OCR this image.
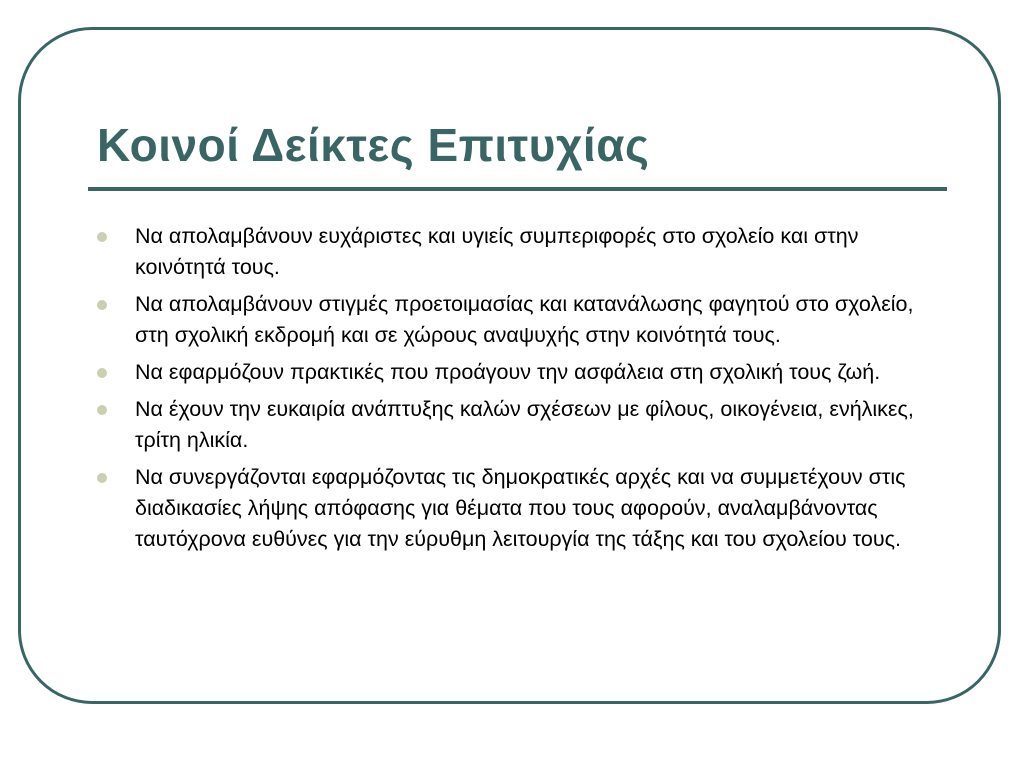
Κοινοί Δείκτες Επιτυχίας
Να απολαμβάνουν ευχάριστες και υγιείς συμπεριφορές στο σχολείο και στην κοινότητά τους.
Να απολαμβάνουν στιγμές προετοιμασίας και κατανάλωσης φαγητού στο σχολείο, στη σχολική εκδρομή και σε χώρους αναψυχής στην κοινότητά τους.
Να εφαρμόζουν πρακτικές που προάγουν την ασφάλεια στη σχολική τους ζωή.
Να έχουν την ευκαιρία ανάπτυξης καλών σχέσεων με φίλους, οικογένεια, ενήλικες, τρίτη ηλικία.
Να συνεργάζονται εφαρμόζοντας τις δημοκρατικές αρχές και να συμμετέχουν στις διαδικασίες λήψης απόφασης για θέματα που τους αφορούν, αναλαμβάνοντας ταυτόχρονα ευθύνες για την εύρυθμη λειτουργία της τάξης και του σχολείου τους.
